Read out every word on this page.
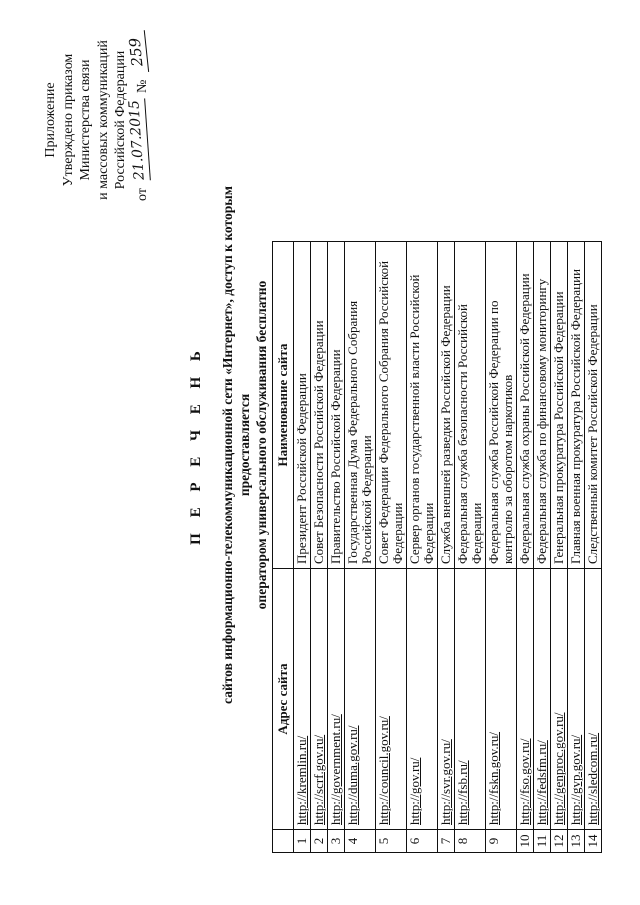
Приложение Утверждено приказом Министерства связи и массовых коммуникаций Российской Федерации
от
21.07.2015
№
259
П Е Р Е Ч Е Н Ь сайтов информационно-телекоммуникационной сети «Интернет», доступ к которым предоставляется оператором универсального обслуживания бесплатно
	Адрес сайта	Наименование сайта
1	http://kremlin.ru/	Президент Российской Федерации
2	http://scrf.gov.ru/	Совет Безопасности Российской Федерации
3	http://government.ru/	Правительство Российской Федерации
4	http://duma.gov.ru/	Государственная Дума Федерального Собрания Российской Федерации
5	http://council.gov.ru/	Совет Федерации Федерального Собрания Российской Федерации
6	http://gov.ru/	Сервер органов государственной власти Российской Федерации
7	http://svr.gov.ru/	Служба внешней разведки Российской Федерации
8	http://fsb.ru/	Федеральная служба безопасности Российской Федерации
9	http://fskn.gov.ru/	Федеральная служба Российской Федерации по контролю за оборотом наркотиков
10	http://fso.gov.ru/	Федеральная служба охраны Российской Федерации
11	http://fedsfm.ru/	Федеральная служба по финансовому мониторингу
12	http://genproc.gov.ru/	Генеральная прокуратура Российской Федерации
13	http://gvp.gov.ru/	Главная военная прокуратура Российской Федерации
14	http://sledcom.ru/	Следственный комитет Российской Федерации
